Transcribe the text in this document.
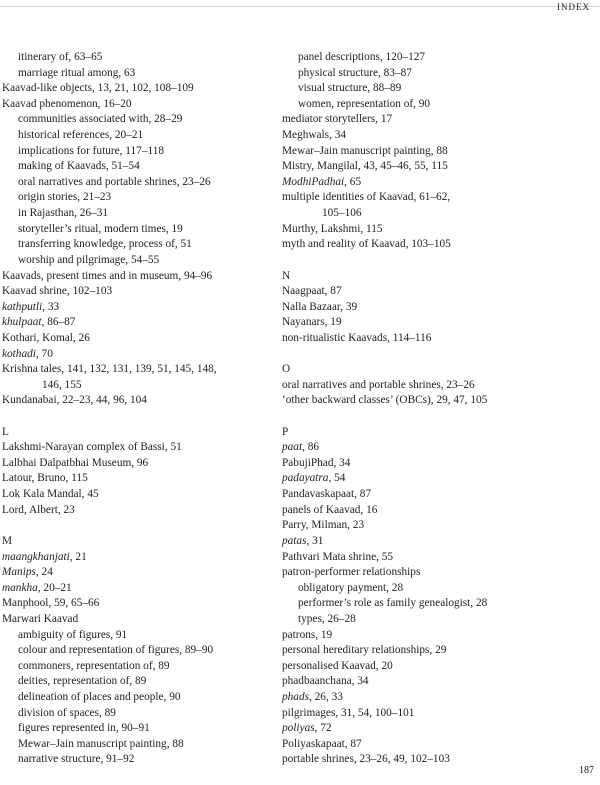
INDEX
itinerary of, 63–65
marriage ritual among, 63
Kaavad-like objects, 13, 21, 102, 108–109
Kaavad phenomenon, 16–20
communities associated with, 28–29
historical references, 20–21
implications for future, 117–118
making of Kaavads, 51–54
oral narratives and portable shrines, 23–26
origin stories, 21–23
in Rajasthan, 26–31
storyteller’s ritual, modern times, 19
transferring knowledge, process of, 51
worship and pilgrimage, 54–55
Kaavads, present times and in museum, 94–96
Kaavad shrine, 102–103
kathputli, 33
khulpaat, 86–87
Kothari, Komal, 26
kothadi, 70
Krishna tales, 141, 132, 131, 139, 51, 145, 148,
146, 155
Kundanabai, 22–23, 44, 96, 104
L
Lakshmi-Narayan complex of Bassi, 51
Lalbhai Dalpatbhai Museum, 96
Latour, Bruno, 115
Lok Kala Mandal, 45
Lord, Albert, 23
M
maangkhanjati, 21
Manips, 24
mankha, 20–21
Manphool, 59, 65–66
Marwari Kaavad
ambiguity of figures, 91
colour and representation of figures, 89–90
commoners, representation of, 89
deities, representation of, 89
delineation of places and people, 90
division of spaces, 89
figures represented in, 90–91
Mewar–Jain manuscript painting, 88
narrative structure, 91–92
panel descriptions, 120–127
physical structure, 83–87
visual structure, 88–89
women, representation of, 90
mediator storytellers, 17
Meghwals, 34
Mewar–Jain manuscript painting, 88
Mistry, Mangilal, 43, 45–46, 55, 115
ModhiPadhai, 65
multiple identities of Kaavad, 61–62,
105–106
Murthy, Lakshmi, 115
myth and reality of Kaavad, 103–105
N
Naagpaat, 87
Nalla Bazaar, 39
Nayanars, 19
non-ritualistic Kaavads, 114–116
O
oral narratives and portable shrines, 23–26
‘other backward classes’ (OBCs), 29, 47, 105
P
paat, 86
PabujiPhad, 34
padayatra, 54
Pandavaskapaat, 87
panels of Kaavad, 16
Parry, Milman, 23
patas, 31
Pathvari Mata shrine, 55
patron-performer relationships
obligatory payment, 28
performer’s role as family genealogist, 28
types, 26–28
patrons, 19
personal hereditary relationships, 29
personalised Kaavad, 20
phadbaanchana, 34
phads, 26, 33
pilgrimages, 31, 54, 100–101
poliyas, 72
Poliyaskapaat, 87
portable shrines, 23–26, 49, 102–103
187
